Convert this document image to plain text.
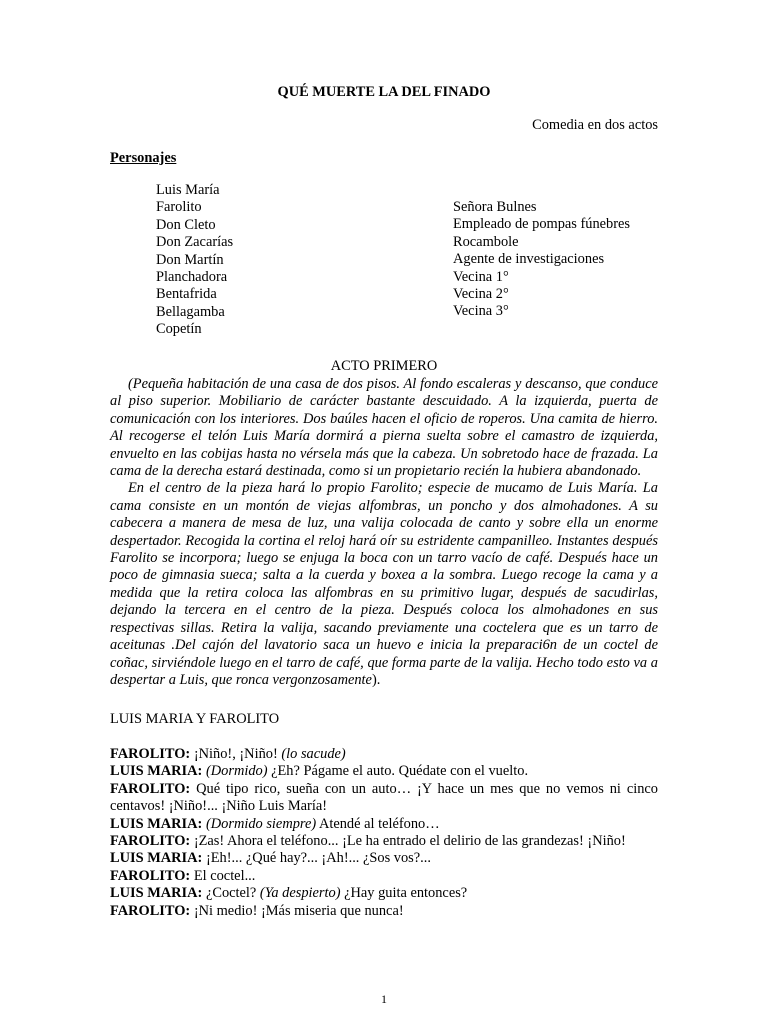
QUÉ MUERTE LA DEL FINADO
Comedia en dos actos
Personajes
Luis María
Farolito
Don Cleto
Don Zacarías
Don Martín
Planchadora
Bentafrida
Bellagamba
Copetín
Señora Bulnes
Empleado de pompas fúnebres
Rocambole
Agente de investigaciones
Vecina 1°
Vecina 2°
Vecina 3°
ACTO PRIMERO

(Pequeña habitación de una casa de dos pisos. Al fondo escaleras y descanso, que conduce al piso superior. Mobiliario de carácter bastante descuidado. A la izquierda, puerta de comunicación con los interiores. Dos baúles hacen el oficio de roperos. Una camita de hierro. Al recogerse el telón Luis María dormirá a pierna suelta sobre el camastro de izquierda, envuelto en las cobijas hasta no vérsela más que la cabeza. Un sobretodo hace de frazada. La cama de la derecha estará destinada, como si un propietario recién la hubiera abandonado.

En el centro de la pieza hará lo propio Farolito; especie de mucamo de Luis María. La cama consiste en un montón de viejas alfombras, un poncho y dos almohadones. A su cabecera a manera de mesa de luz, una valija colocada de canto y sobre ella un enorme despertador. Recogida la cortina el reloj hará oír su estridente campanilleo. Instantes después Farolito se incorpora; luego se enjuga la boca con un tarro vacío de café. Después hace un poco de gimnasia sueca; salta a la cuerda y boxea a la sombra. Luego recoge la cama y a medida que la retira coloca las alfombras en su primitivo lugar, después de sacudirlas, dejando la tercera en el centro de la pieza. Después coloca los almohadones en sus respectivas sillas. Retira la valija, sacando previamente una coctelera que es un tarro de aceitunas .Del cajón del lavatorio saca un huevo e inicia la preparaci6n de un coctel de coñac, sirviéndole luego en el tarro de café, que forma parte de la valija. Hecho todo esto va a despertar a Luis, que ronca vergonzosamente).

LUIS MARIA Y FAROLITO

FAROLITO: ¡Niño!, ¡Niño! (lo sacude)

LUIS MARIA: (Dormido) ¿Eh? Págame el auto. Quédate con el vuelto.

FAROLITO: Qué tipo rico, sueña con un auto… ¡Y hace un mes que no vemos ni cinco centavos! ¡Niño!... ¡Niño Luis María!

LUIS MARIA: (Dormido siempre) Atendé al teléfono…

FAROLITO: ¡Zas! Ahora el teléfono... ¡Le ha entrado el delirio de las grandezas! ¡Niño!

LUIS MARIA: ¡Eh!... ¿Qué hay?... ¡Ah!... ¿Sos vos?...

FAROLITO: El coctel...

LUIS MARIA: ¿Coctel? (Ya despierto) ¿Hay guita entonces?

FAROLITO: ¡Ni medio! ¡Más miseria que nunca!

1
